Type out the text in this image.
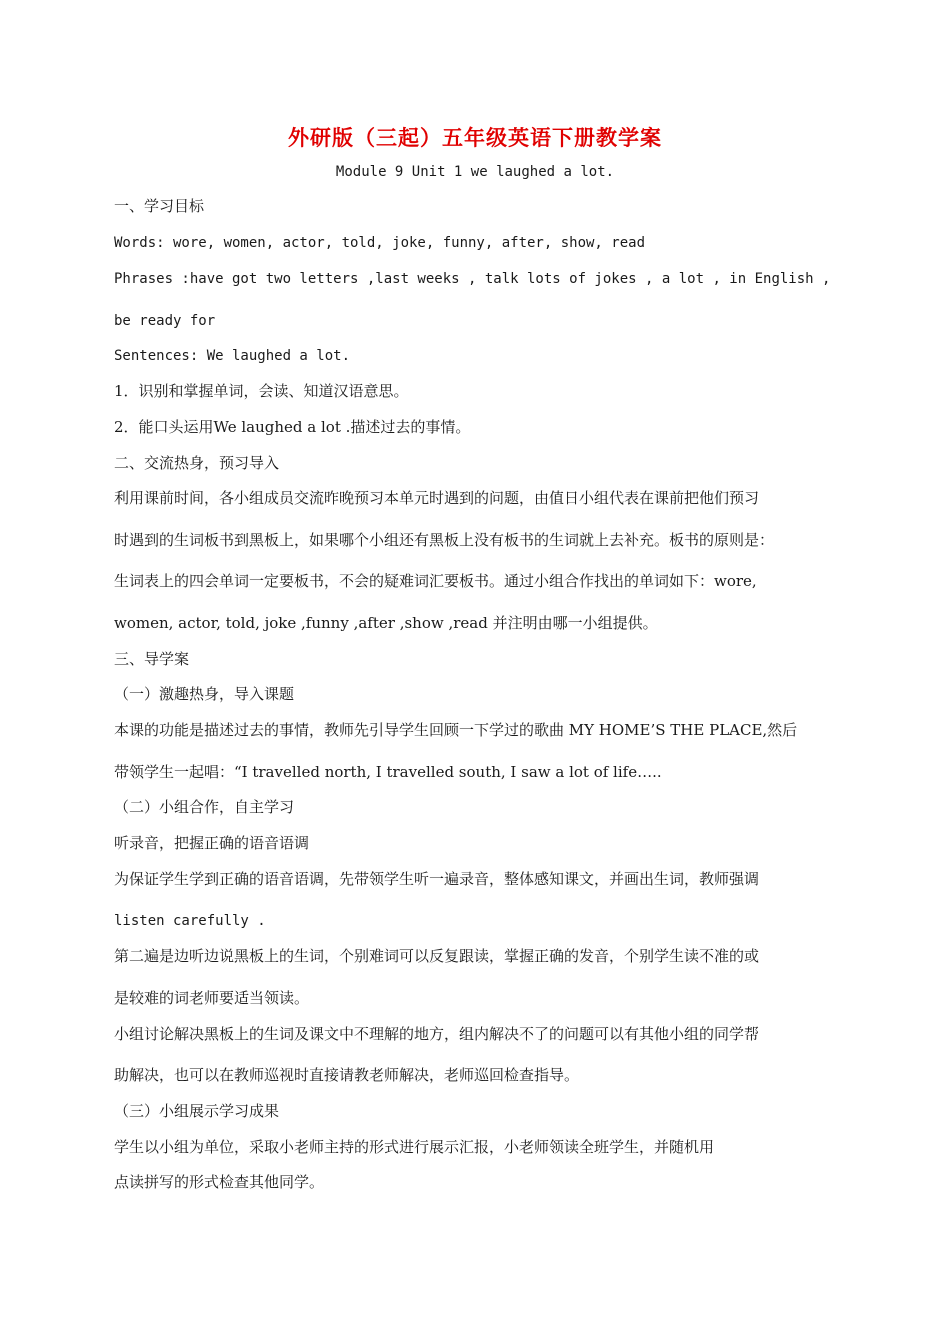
外研版（三起）五年级英语下册教学案
Module 9 Unit 1 we laughed a lot.
一、学习目标
Words: wore, women, actor, told, joke, funny, after, show, read
Phrases :have got two letters ,last weeks , talk lots of jokes , a lot , in English ,
be ready for
Sentences: We laughed a lot.
1．识别和掌握单词，会读、知道汉语意思。
2．能口头运用We laughed a lot .描述过去的事情。
二、交流热身，预习导入
利用课前时间，各小组成员交流昨晚预习本单元时遇到的问题，由值日小组代表在课前把他们预习
时遇到的生词板书到黑板上，如果哪个小组还有黑板上没有板书的生词就上去补充。板书的原则是：
生词表上的四会单词一定要板书，不会的疑难词汇要板书。通过小组合作找出的单词如下：wore,
women, actor, told, joke ,funny ,after ,show ,read 并注明由哪一小组提供。
三、导学案
（一）激趣热身，导入课题
本课的功能是描述过去的事情，教师先引导学生回顾一下学过的歌曲 MY HOME’S THE PLACE,然后
带领学生一起唱：“I travelled north, I travelled south, I saw a lot of life…..
（二）小组合作，自主学习
听录音，把握正确的语音语调
为保证学生学到正确的语音语调，先带领学生听一遍录音，整体感知课文，并画出生词，教师强调
listen carefully .
第二遍是边听边说黑板上的生词，个别难词可以反复跟读，掌握正确的发音，个别学生读不准的或
是较难的词老师要适当领读。
小组讨论解决黑板上的生词及课文中不理解的地方，组内解决不了的问题可以有其他小组的同学帮
助解决，也可以在教师巡视时直接请教老师解决，老师巡回检查指导。
（三）小组展示学习成果
学生以小组为单位，采取小老师主持的形式进行展示汇报，小老师领读全班学生，并随机用
点读拼写的形式检查其他同学。
